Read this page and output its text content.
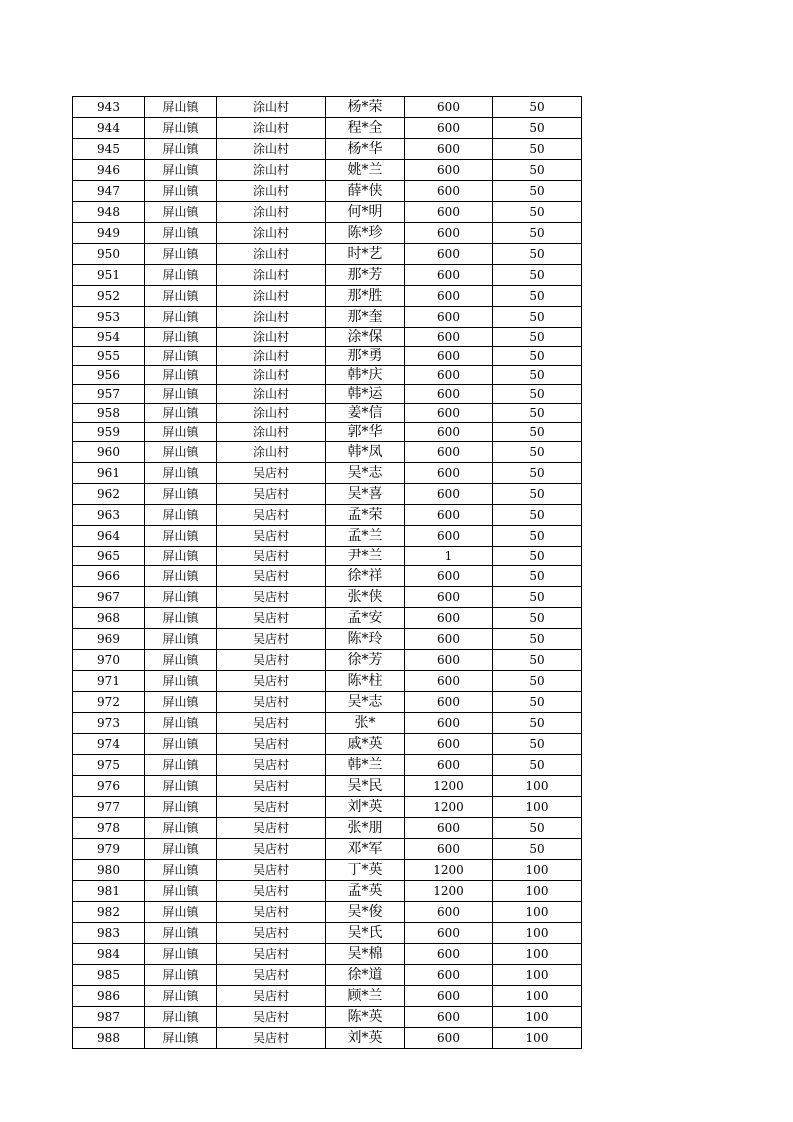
943	屏山镇	涂山村	杨*荣	600	50
944	屏山镇	涂山村	程*全	600	50
945	屏山镇	涂山村	杨*华	600	50
946	屏山镇	涂山村	姚*兰	600	50
947	屏山镇	涂山村	薛*侠	600	50
948	屏山镇	涂山村	何*明	600	50
949	屏山镇	涂山村	陈*珍	600	50
950	屏山镇	涂山村	时*艺	600	50
951	屏山镇	涂山村	那*芳	600	50
952	屏山镇	涂山村	那*胜	600	50
953	屏山镇	涂山村	那*奎	600	50
954	屏山镇	涂山村	涂*保	600	50
955	屏山镇	涂山村	那*勇	600	50
956	屏山镇	涂山村	韩*庆	600	50
957	屏山镇	涂山村	韩*运	600	50
958	屏山镇	涂山村	姜*信	600	50
959	屏山镇	涂山村	郭*华	600	50
960	屏山镇	涂山村	韩*凤	600	50
961	屏山镇	吴店村	吴*志	600	50
962	屏山镇	吴店村	吴*喜	600	50
963	屏山镇	吴店村	孟*荣	600	50
964	屏山镇	吴店村	孟*兰	600	50
965	屏山镇	吴店村	尹*兰	1	50
966	屏山镇	吴店村	徐*祥	600	50
967	屏山镇	吴店村	张*侠	600	50
968	屏山镇	吴店村	孟*安	600	50
969	屏山镇	吴店村	陈*玲	600	50
970	屏山镇	吴店村	徐*芳	600	50
971	屏山镇	吴店村	陈*柱	600	50
972	屏山镇	吴店村	吴*志	600	50
973	屏山镇	吴店村	张*	600	50
974	屏山镇	吴店村	戚*英	600	50
975	屏山镇	吴店村	韩*兰	600	50
976	屏山镇	吴店村	吴*民	1200	100
977	屏山镇	吴店村	刘*英	1200	100
978	屏山镇	吴店村	张*朋	600	50
979	屏山镇	吴店村	邓*军	600	50
980	屏山镇	吴店村	丁*英	1200	100
981	屏山镇	吴店村	孟*英	1200	100
982	屏山镇	吴店村	吴*俊	600	100
983	屏山镇	吴店村	吴*氏	600	100
984	屏山镇	吴店村	吴*棉	600	100
985	屏山镇	吴店村	徐*道	600	100
986	屏山镇	吴店村	顾*兰	600	100
987	屏山镇	吴店村	陈*英	600	100
988	屏山镇	吴店村	刘*英	600	100
